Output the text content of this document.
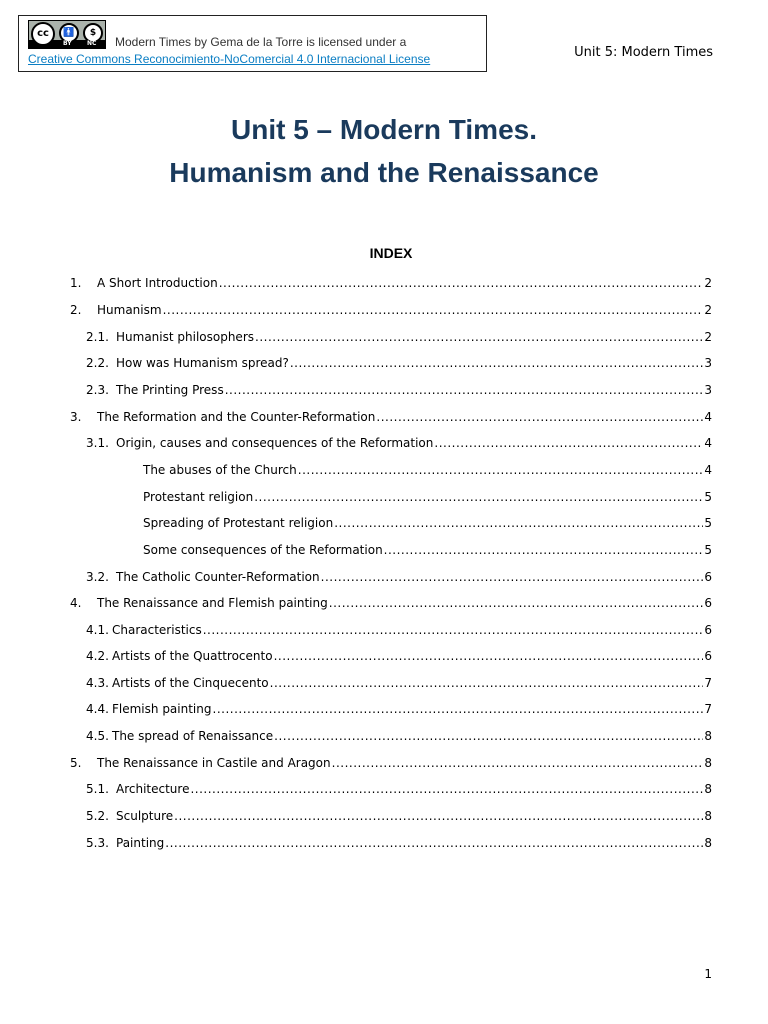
cc	🚹	$
BY	NC Modern Times by Gema de la Torre is licensed under a
Creative Commons Reconocimiento-NoComercial 4.0 Internacional License	Unit 5: Modern Times
Unit 5 – Modern Times.
Humanism and the Renaissance
INDEX
1.	A Short Introduction .....	2
2.	Humanism .....	2
2.1. Humanist philosophers .....	2
2.2. How was Humanism spread? .....	3
2.3. The Printing Press .....	3
3.	The Reformation and the Counter-Reformation .....	4
3.1. Origin, causes and consequences of the Reformation .....	4
The abuses of the Church .....	4
Protestant religion .....	5
Spreading of Protestant religion .....	5
Some consequences of the Reformation .....	5
3.2. The Catholic Counter-Reformation .....	6
4.	The Renaissance and Flemish painting .....	6
4.1. Characteristics .....	6
4.2. Artists of the Quattrocento .....	6
4.3. Artists of the Cinquecento .....	7
4.4. Flemish painting .....	7
4.5. The spread of Renaissance .....	8
5.	The Renaissance in Castile and Aragon .....	8
5.1. Architecture .....	8
5.2. Sculpture .....	8
5.3. Painting .....	8
1
